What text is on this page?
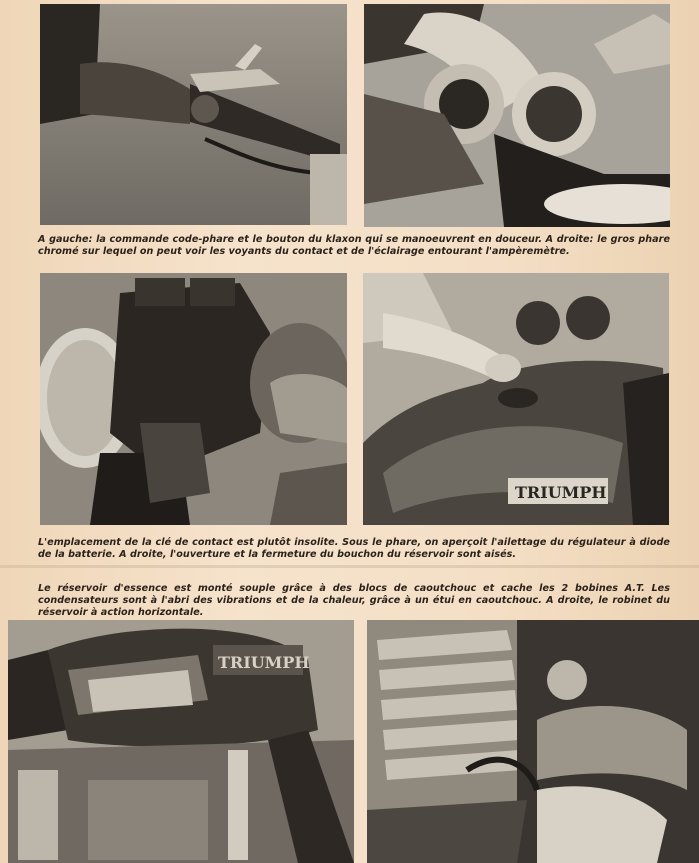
A gauche: la commande code-phare et le bouton du klaxon qui se manoeuvrent en douceur. A droite: le gros phare chromé sur lequel on peut voir les voyants du contact et de l'éclairage entourant l'ampèremètre.
TRIUMPH
L'emplacement de la clé de contact est plutôt insolite. Sous le phare, on aperçoit l'ailettage du régulateur à diode de la batterie. A droite, l'ouverture et la fermeture du bouchon du réservoir sont aisés.
Le réservoir d'essence est monté souple grâce à des blocs de caoutchouc et cache les 2 bobines A.T. Les condensateurs sont à l'abri des vibrations et de la chaleur, grâce à un étui en caoutchouc. A droite, le robinet du réservoir à action horizontale.
TRIUMPH
